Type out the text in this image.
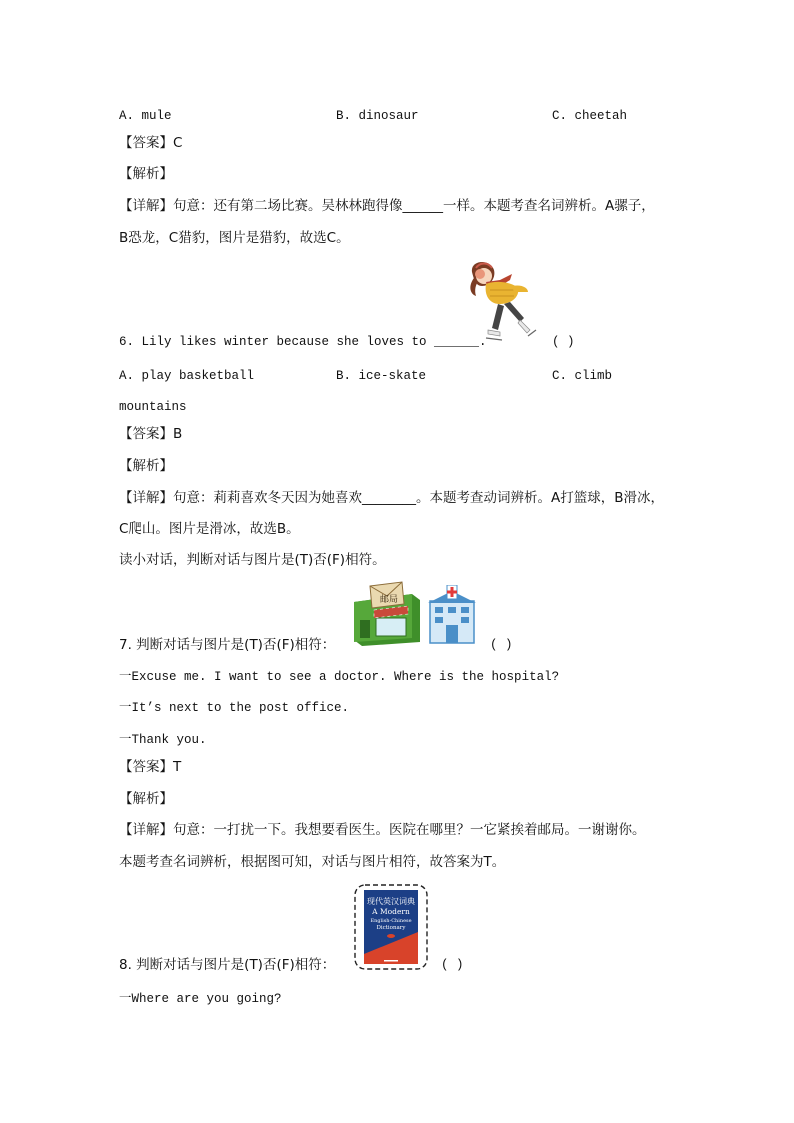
A. mule	B. dinosaur	C. cheetah
【答案】C
【解析】
【详解】句意：还有第二场比赛。吴林林跑得像______一样。本题考查名词辨析。A骡子，
B恐龙，C猎豹，图片是猎豹，故选C。
6. Lily likes winter because she loves to ______.	( )
A. play basketball	B. ice-skate	C. climb
mountains
【答案】B
【解析】
【详解】句意：莉莉喜欢冬天因为她喜欢________。本题考查动词辨析。A打篮球，B滑冰，
C爬山。图片是滑冰，故选B。
读小对话，判断对话与图片是(T)否(F)相符。
邮局
7. 判断对话与图片是(T)否(F)相符：	( )
一Excuse me. I want to see a doctor. Where is the hospital?
一It’s next to the post office.
一Thank you.
【答案】T
【解析】
【详解】句意：一打扰一下。我想要看医生。医院在哪里？一它紧挨着邮局。一谢谢你。
本题考查名词辨析，根据图可知，对话与图片相符，故答案为T。
现代英汉词典
A Modern
English-Chinese
Dictionary
8. 判断对话与图片是(T)否(F)相符：	( )
一Where are you going?
